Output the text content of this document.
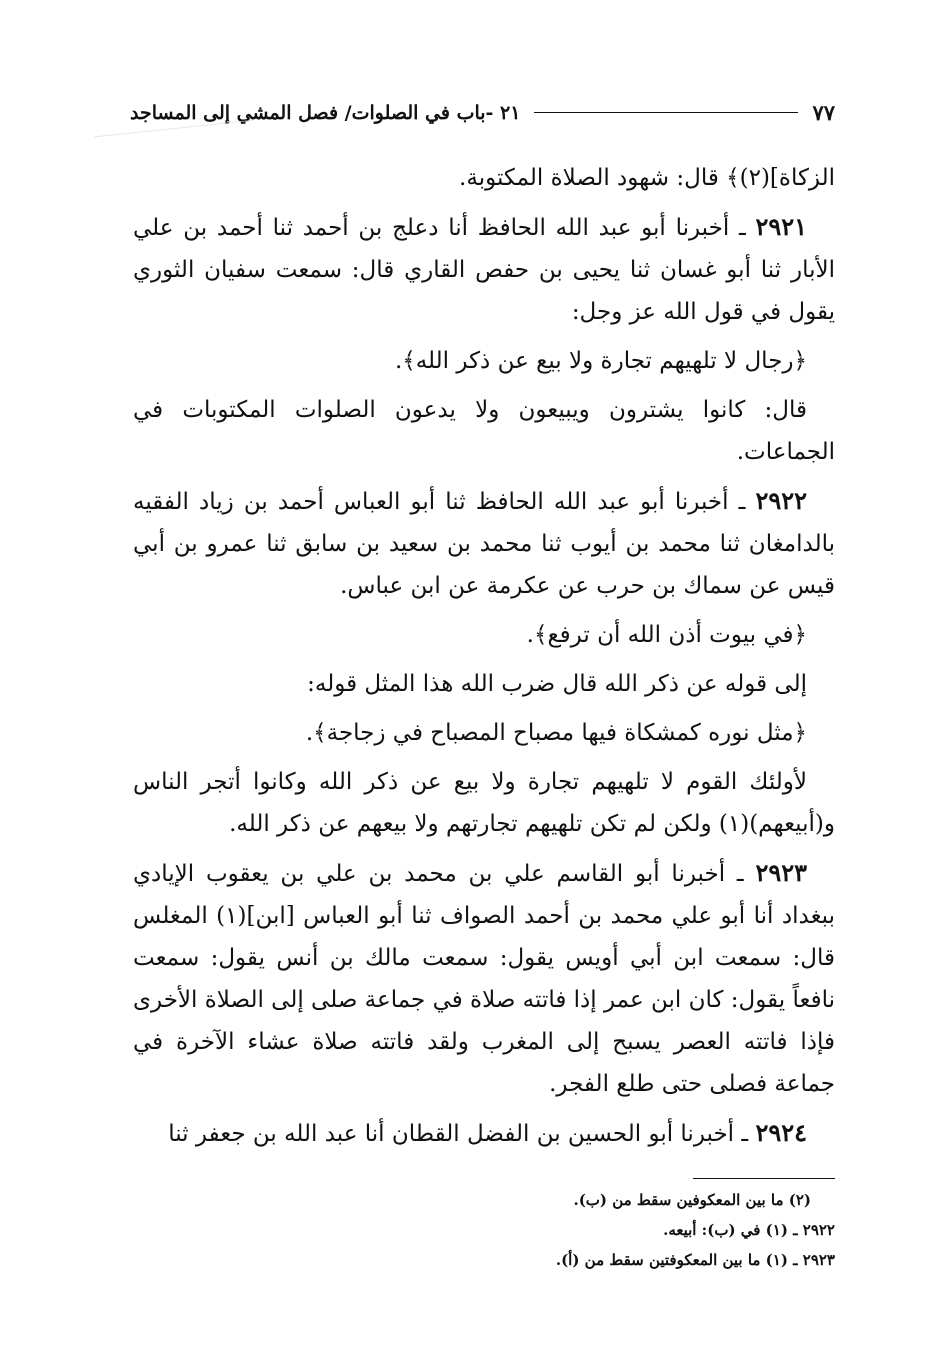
٢١ -باب في الصلوات/ فصل المشي إلى المساجد	٧٧

الزكاة](٢)﴾ قال: شهود الصلاة المكتوبة.

٢٩٢١ ـ أخبرنا أبو عبد الله الحافظ أنا دعلج بن أحمد ثنا أحمد بن علي الأبار ثنا أبو غسان ثنا يحيى بن حفص القاري قال: سمعت سفيان الثوري يقول في قول الله عز وجل:

﴿رجال لا تلهيهم تجارة ولا بيع عن ذكر الله﴾.

قال: كانوا يشترون ويبيعون ولا يدعون الصلوات المكتوبات في الجماعات.

٢٩٢٢ ـ أخبرنا أبو عبد الله الحافظ ثنا أبو العباس أحمد بن زياد الفقيه بالدامغان ثنا محمد بن أيوب ثنا محمد بن سعيد بن سابق ثنا عمرو بن أبي قيس عن سماك بن حرب عن عكرمة عن ابن عباس.

﴿في بيوت أذن الله أن ترفع﴾.

إلى قوله عن ذكر الله قال ضرب الله هذا المثل قوله:

﴿مثل نوره كمشكاة فيها مصباح المصباح في زجاجة﴾.

لأولئك القوم لا تلهيهم تجارة ولا بيع عن ذكر الله وكانوا أتجر الناس و(أبيعهم)(١) ولكن لم تكن تلهيهم تجارتهم ولا بيعهم عن ذكر الله.

٢٩٢٣ ـ أخبرنا أبو القاسم علي بن محمد بن علي بن يعقوب الإيادي ببغداد أنا أبو علي محمد بن أحمد الصواف ثنا أبو العباس [ابن](١) المغلس قال: سمعت ابن أبي أويس يقول: سمعت مالك بن أنس يقول: سمعت نافعاً يقول: كان ابن عمر إذا فاتته صلاة في جماعة صلى إلى الصلاة الأخرى فإذا فاتته العصر يسبح إلى المغرب ولقد فاتته صلاة عشاء الآخرة في جماعة فصلى حتى طلع الفجر.

٢٩٢٤ ـ أخبرنا أبو الحسين بن الفضل القطان أنا عبد الله بن جعفر ثنا

(٢) ما بين المعكوفين سقط من (ب).
٢٩٢٢ ـ (١) في (ب): أبيعه.
٢٩٢٣ ـ (١) ما بين المعكوفتين سقط من (أ).
